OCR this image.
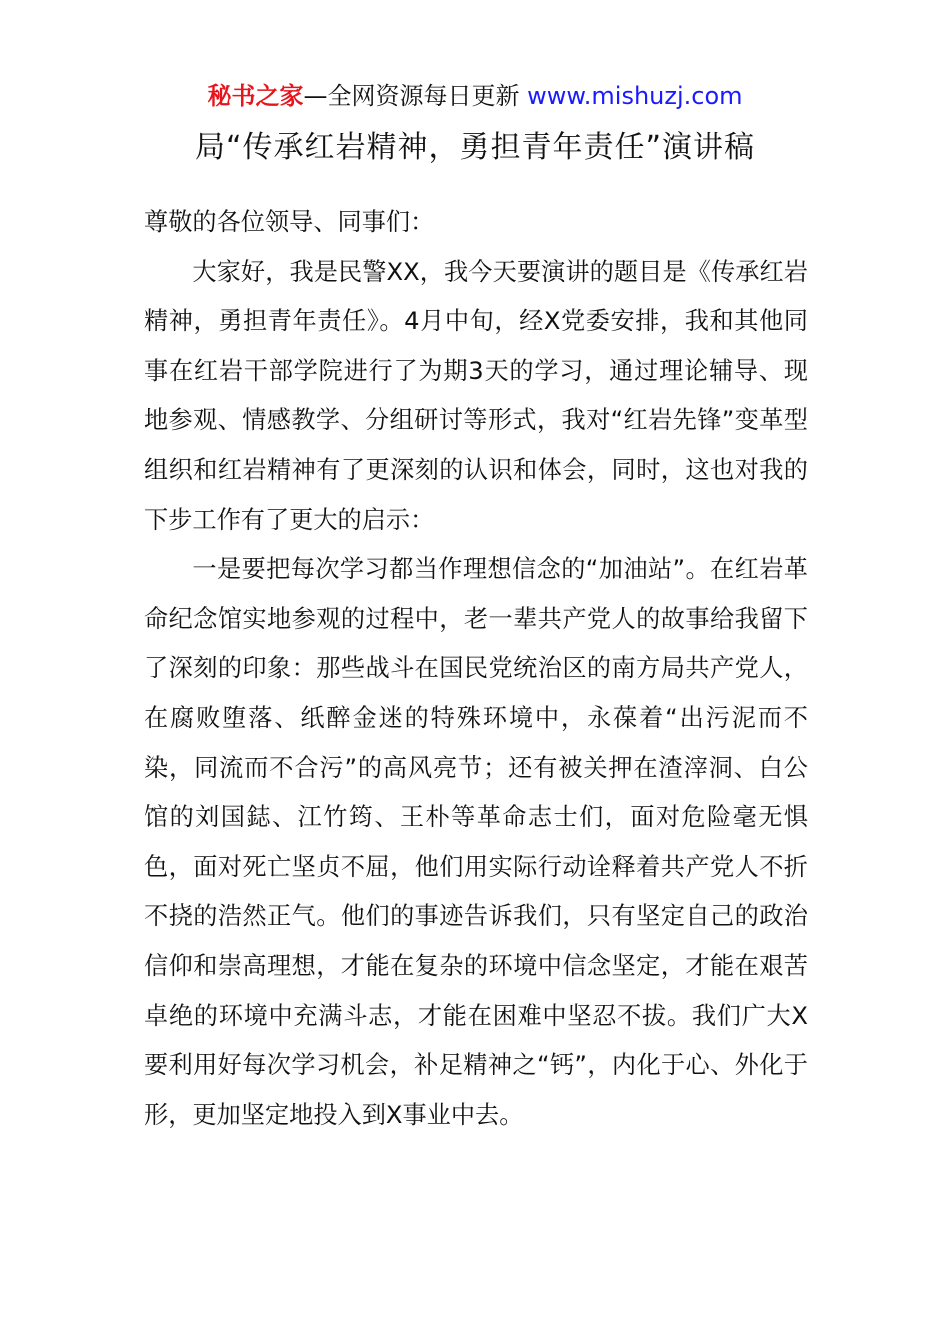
秘书之家—全网资源每日更新 www.mishuzj.com
局“传承红岩精神，勇担青年责任”演讲稿

尊敬的各位领导、同事们：

大家好，我是民警XX，我今天要演讲的题目是《传承红岩精神，勇担青年责任》。4月中旬，经X党委安排，我和其他同事在红岩干部学院进行了为期3天的学习，通过理论辅导、现地参观、情感教学、分组研讨等形式，我对“红岩先锋”变革型组织和红岩精神有了更深刻的认识和体会，同时，这也对我的下步工作有了更大的启示：

一是要把每次学习都当作理想信念的“加油站”。在红岩革命纪念馆实地参观的过程中，老一辈共产党人的故事给我留下了深刻的印象：那些战斗在国民党统治区的南方局共产党人，在腐败堕落、纸醉金迷的特殊环境中，永葆着“出污泥而不染，同流而不合污”的高风亮节；还有被关押在渣滓洞、白公馆的刘国鋕、江竹筠、王朴等革命志士们，面对危险毫无惧色，面对死亡坚贞不屈，他们用实际行动诠释着共产党人不折不挠的浩然正气。他们的事迹告诉我们，只有坚定自己的政治信仰和崇高理想，才能在复杂的环境中信念坚定，才能在艰苦卓绝的环境中充满斗志，才能在困难中坚忍不拔。我们广大X要利用好每次学习机会，补足精神之“钙”，内化于心、外化于形，更加坚定地投入到X事业中去。
